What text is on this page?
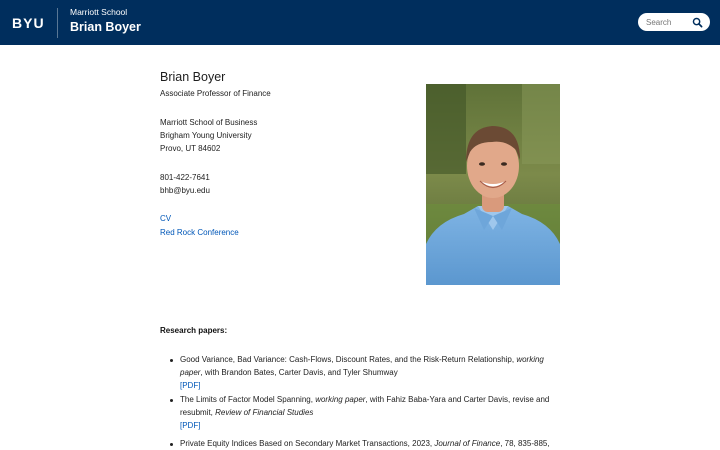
BYU
Marriott School
Brian Boyer
Search
Brian Boyer
Associate Professor of Finance
Marriott School of Business
Brigham Young University
Provo, UT 84602
801-422-7641
bhb@byu.edu
CV
Red Rock Conference
Research papers:
Good Variance, Bad Variance: Cash-Flows, Discount Rates, and the Risk-Return Relationship, working
paper, with Brandon Bates, Carter Davis, and Tyler Shumway
[PDF]
The Limits of Factor Model Spanning, working paper, with Fahiz Baba-Yara and Carter Davis, revise and
resubmit, Review of Financial Studies
[PDF]
Private Equity Indices Based on Secondary Market Transactions, 2023, Journal of Finance, 78, 835-885,
